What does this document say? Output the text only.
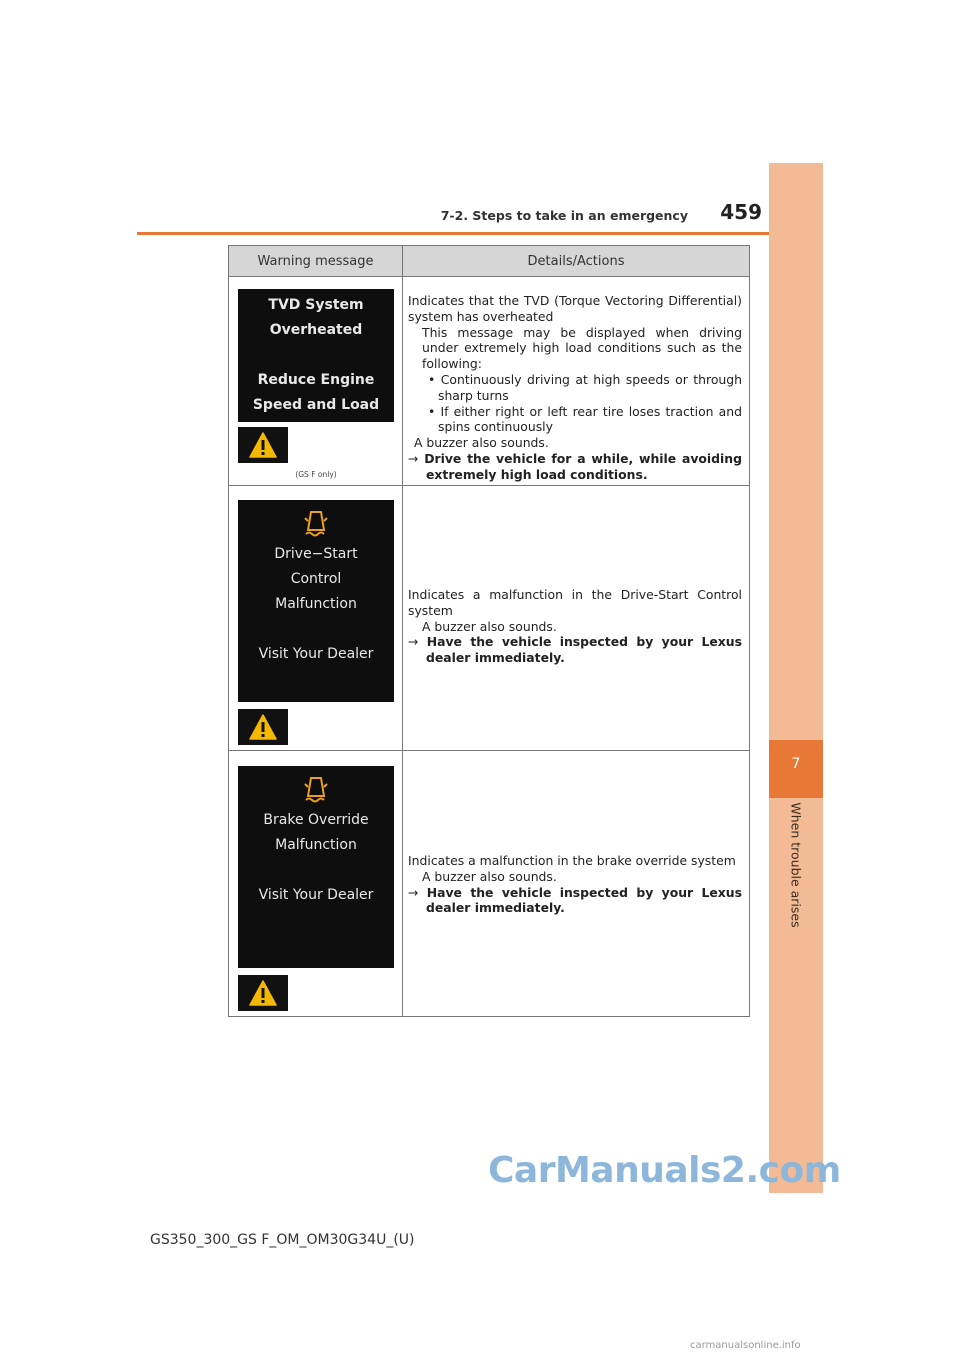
7-2. Steps to take in an emergency	459
7
When trouble arises
Warning message	Details/Actions
TVD System
Overheated
Reduce Engine
Speed and Load
(GS F only)

Indicates that the TVD (Torque Vectoring Differential) system has overheated

This message may be displayed when driving under extremely high load conditions such as the following:

• Continuously driving at high speeds or through sharp turns

• If either right or left rear tire loses traction and spins continuously

A buzzer also sounds.

→ Drive the vehicle for a while, while avoiding extremely high load conditions.

Drive−Start
Control
Malfunction
Visit Your Dealer

Indicates a malfunction in the Drive-Start Control system

A buzzer also sounds.

→ Have the vehicle inspected by your Lexus dealer immediately.

Brake Override
Malfunction
Visit Your Dealer

Indicates a malfunction in the brake override system

A buzzer also sounds.

→ Have the vehicle inspected by your Lexus dealer immediately.

CarManuals2.com
GS350_300_GS F_OM_OM30G34U_(U)
carmanualsonline.info
